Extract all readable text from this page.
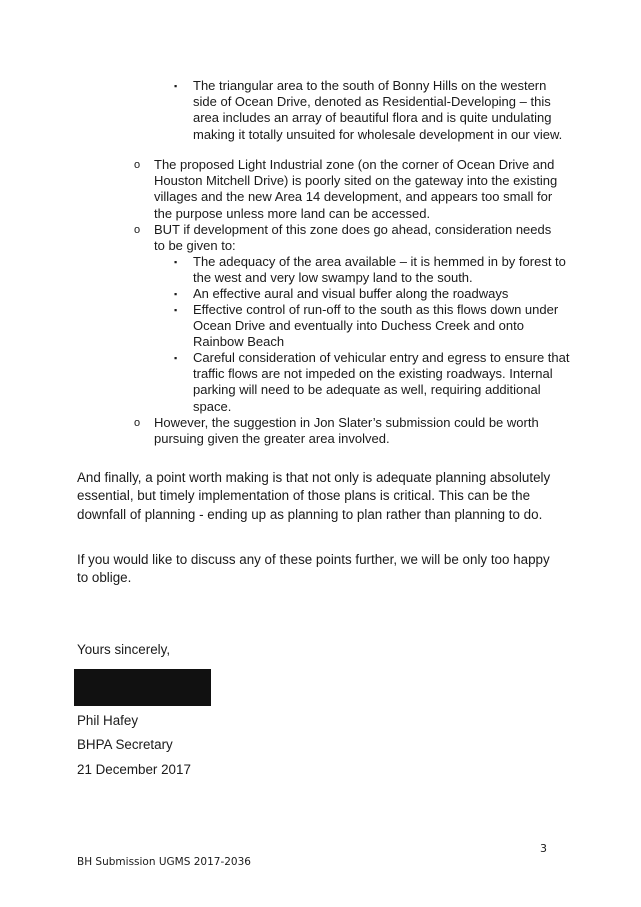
▪ The triangular area to the south of Bonny Hills on the western side of Ocean Drive, denoted as Residential-Developing – this area includes an array of beautiful flora and is quite undulating making it totally unsuited for wholesale development in our view.
o The proposed Light Industrial zone (on the corner of Ocean Drive and Houston Mitchell Drive) is poorly sited on the gateway into the existing villages and the new Area 14 development, and appears too small for the purpose unless more land can be accessed.
o BUT if development of this zone does go ahead, consideration needs to be given to:
▪ The adequacy of the area available – it is hemmed in by forest to the west and very low swampy land to the south.
▪ An effective aural and visual buffer along the roadways
▪ Effective control of run-off to the south as this flows down under Ocean Drive and eventually into Duchess Creek and onto Rainbow Beach
▪ Careful consideration of vehicular entry and egress to ensure that traffic flows are not impeded on the existing roadways. Internal parking will need to be adequate as well, requiring additional space.
o However, the suggestion in Jon Slater’s submission could be worth pursuing given the greater area involved.
And finally, a point worth making is that not only is adequate planning absolutely essential, but timely implementation of those plans is critical. This can be the downfall of planning - ending up as planning to plan rather than planning to do.
If you would like to discuss any of these points further, we will be only too happy to oblige.
Yours sincerely,
Phil Hafey
BHPA Secretary
21 December 2017
3
BH Submission UGMS 2017-2036
